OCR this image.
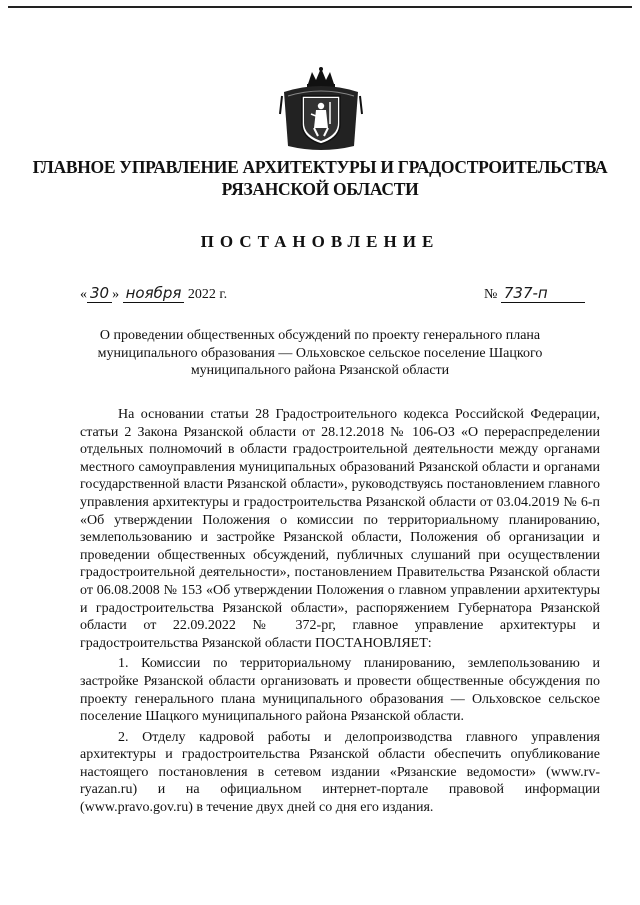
ГЛАВНОЕ УПРАВЛЕНИЕ АРХИТЕКТУРЫ И ГРАДОСТРОИТЕЛЬСТВА
РЯЗАНСКОЙ ОБЛАСТИ
ПОСТАНОВЛЕНИЕ
« 30 » ноября 2022 г.	№ 737-п
О проведении общественных обсуждений по проекту генерального плана
муниципального образования — Ольховское сельское поселение Шацкого
муниципального района Рязанской области

На основании статьи 28 Градостроительного кодекса Российской Федерации, статьи 2 Закона Рязанской области от 28.12.2018 № 106-ОЗ «О перераспределении отдельных полномочий в области градостроительной деятельности между органами местного самоуправления муниципальных образований Рязанской области и органами государственной власти Рязанской области», руководствуясь постановлением главного управления архитектуры и градостроительства Рязанской области от 03.04.2019 № 6-п «Об утверждении Положения о комиссии по территориальному планированию, землепользованию и застройке Рязанской области, Положения об организации и проведении общественных обсуждений, публичных слушаний при осуществлении градостроительной деятельности», постановлением Правительства Рязанской области от 06.08.2008 № 153 «Об утверждении Положения о главном управлении архитектуры и градостроительства Рязанской области», распоряжением Губернатора Рязанской области от 22.09.2022 № 372-рг, главное управление архитектуры и градостроительства Рязанской области ПОСТАНОВЛЯЕТ:

1. Комиссии по территориальному планированию, землепользованию и застройке Рязанской области организовать и провести общественные обсуждения по проекту генерального плана муниципального образования — Ольховское сельское поселение Шацкого муниципального района Рязанской области.

2. Отделу кадровой работы и делопроизводства главного управления архитектуры и градостроительства Рязанской области обеспечить опубликование настоящего постановления в сетевом издании «Рязанские ведомости» (www.rv-ryazan.ru) и на официальном интернет-портале правовой информации (www.pravo.gov.ru) в течение двух дней со дня его издания.
